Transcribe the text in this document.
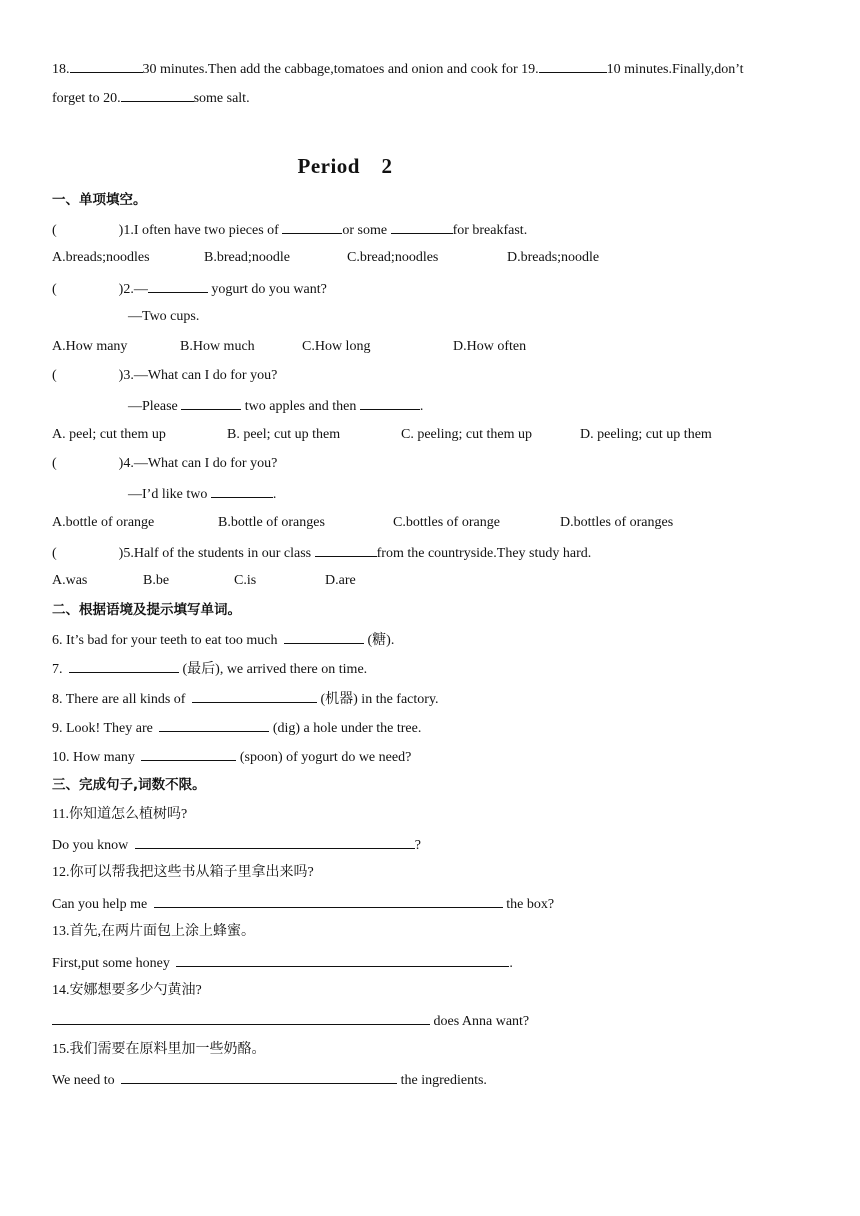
18.	30 minutes.Then add the cabbage,tomatoes and onion and cook for 19.	10 minutes.Finally,don’t
forget to 20.	some salt.
Period　2
一、单项填空。
(	)1.I often have two pieces of	or some	for breakfast.
A.breads;noodles	B.bread;noodle	C.bread;noodles	D.breads;noodle
(	)2.—	yogurt do you want?
—Two cups.
A.How many	B.How much	C.How long	D.How often
(	)3.—What can I do for you?
—Please	two apples and then	.
A. peel; cut them up	B. peel; cut up them	C. peeling; cut them up	D. peeling; cut up them
(	)4.—What can I do for you?
—I’d like two	.
A.bottle of orange	B.bottle of oranges	C.bottles of orange	D.bottles of oranges
(	)5.Half of the students in our class	from the countryside.They study hard.
A.was	B.be	C.is	D.are
二、根据语境及提示填写单词。
6. It’s bad for your teeth to eat too much	(糖).
7.	(最后), we arrived there on time.
8. There are all kinds of	(机器) in the factory.
9. Look! They are	(dig) a hole under the tree.
10. How many	(spoon) of yogurt do we need?
三、完成句子,词数不限。
11.你知道怎么植树吗?
Do you know	?
12.你可以帮我把这些书从箱子里拿出来吗?
Can you help me	the box?
13.首先,在两片面包上涂上蜂蜜。
First,put some honey	.
14.安娜想要多少勺黄油?
does Anna want?
15.我们需要在原料里加一些奶酪。
We need to	the ingredients.
